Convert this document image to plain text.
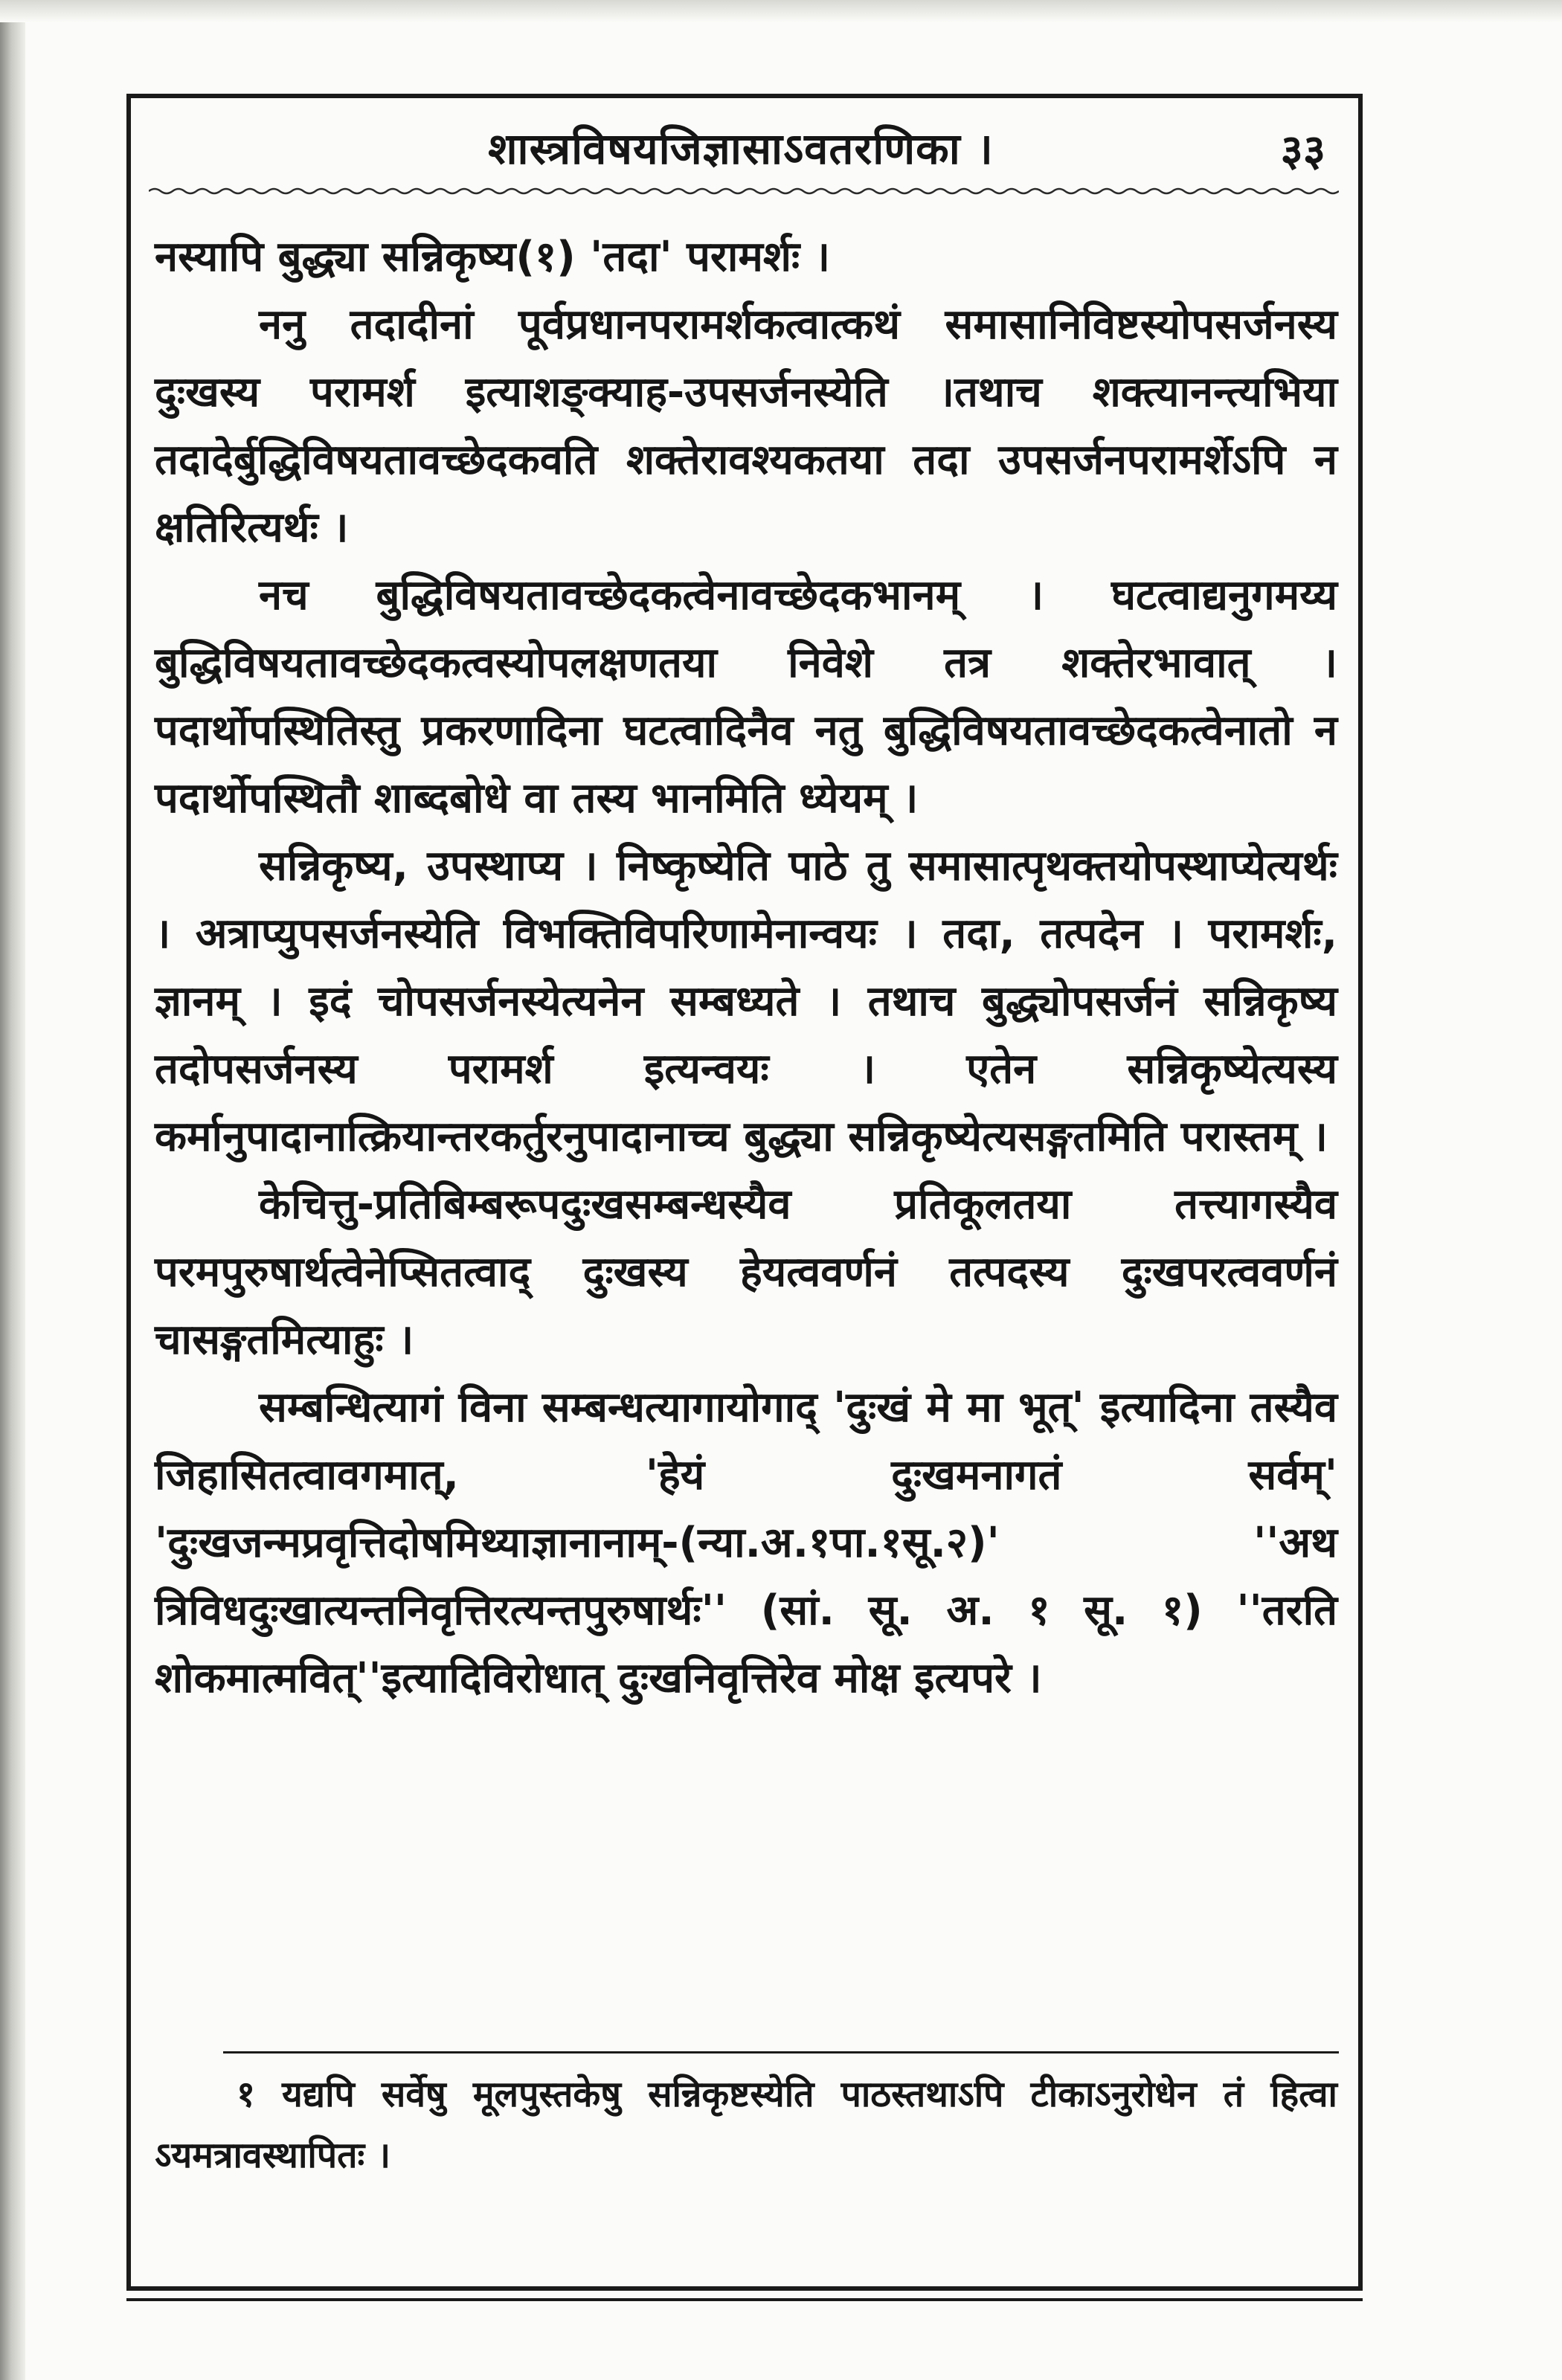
शास्त्रविषयजिज्ञासाऽवतरणिका ।	३३

नस्यापि बुद्ध्या सन्निकृष्य(१) 'तदा' परामर्शः ।

ननु तदादीनां पूर्वप्रधानपरामर्शकत्वात्कथं समासानिविष्टस्योपसर्जनस्य दुःखस्य परामर्श इत्याशङ्क्याह-उपसर्जनस्येति ।तथाच शक्त्यानन्त्यभिया तदादेर्बुद्धिविषयतावच्छेदकवति शक्तेरावश्यकतया तदा उपसर्जनपरामर्शेऽपि न क्षतिरित्यर्थः ।

नच बुद्धिविषयतावच्छेदकत्वेनावच्छेदकभानम् । घटत्वाद्यनुगमय्य बुद्धिविषयतावच्छेदकत्वस्योपलक्षणतया निवेशे तत्र शक्तेरभावात् । पदार्थोपस्थितिस्तु प्रकरणादिना घटत्वादिनैव नतु बुद्धिविषयतावच्छेदकत्वेनातो न पदार्थोपस्थितौ शाब्दबोधे वा तस्य भानमिति ध्येयम् ।

सन्निकृष्य, उपस्थाप्य । निष्कृष्येति पाठे तु समासात्पृथक्तयोपस्थाप्येत्यर्थः । अत्राप्युपसर्जनस्येति विभक्तिविपरिणामेनान्वयः । तदा, तत्पदेन । परामर्शः, ज्ञानम् । इदं चोपसर्जनस्येत्यनेन सम्बध्यते । तथाच बुद्ध्योपसर्जनं सन्निकृष्य तदोपसर्जनस्य परामर्श इत्यन्वयः । एतेन सन्निकृष्येत्यस्य कर्मानुपादानात्क्रियान्तरकर्तुरनुपादानाच्च बुद्ध्या सन्निकृष्येत्यसङ्गतमिति परास्तम् ।

केचित्तु-प्रतिबिम्बरूपदुःखसम्बन्धस्यैव प्रतिकूलतया तत्त्यागस्यैव परमपुरुषार्थत्वेनेप्सितत्वाद् दुःखस्य हेयत्ववर्णनं तत्पदस्य दुःखपरत्ववर्णनं चासङ्गतमित्याहुः ।

सम्बन्धित्यागं विना सम्बन्धत्यागायोगाद् 'दुःखं मे मा भूत्' इत्यादिना तस्यैव जिहासितत्वावगमात्, 'हेयं दुःखमनागतं सर्वम्' 'दुःखजन्मप्रवृत्तिदोषमिथ्याज्ञानानाम्-(न्या.अ.१पा.१सू.२)' ''अथ त्रिविधदुःखात्यन्तनिवृत्तिरत्यन्तपुरुषार्थः'' (सां. सू. अ. १ सू. १) ''तरति शोकमात्मवित्''इत्यादिविरोधात् दुःखनिवृत्तिरेव मोक्ष इत्यपरे ।

१ यद्यपि सर्वेषु मूलपुस्तकेषु सन्निकृष्टस्येति पाठस्तथाऽपि टीकाऽनुरोधेन तं हित्वा ऽयमत्रावस्थापितः ।
